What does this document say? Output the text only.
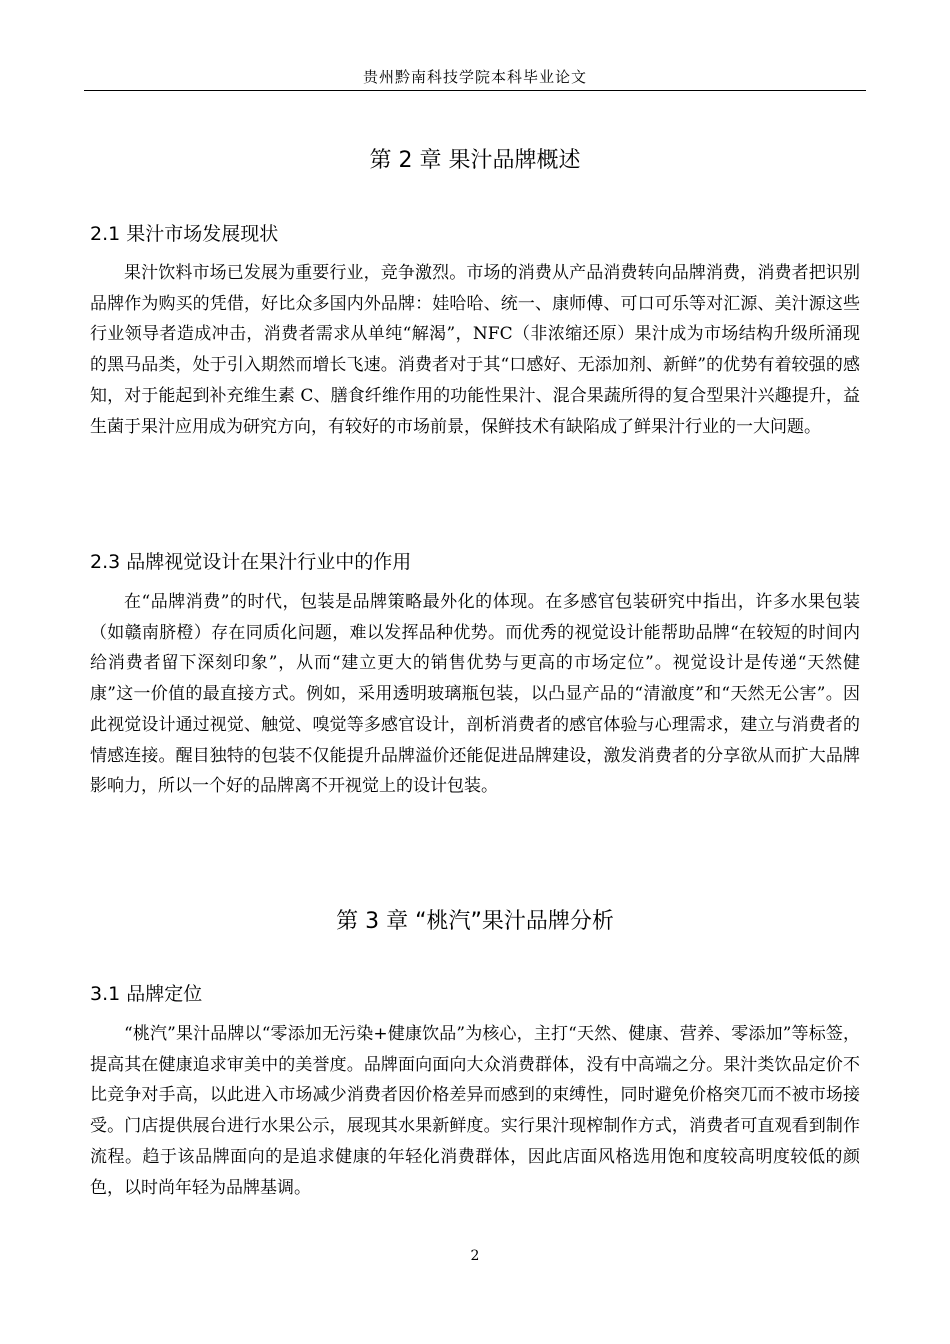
贵州黔南科技学院本科毕业论文
第 2 章 果汁品牌概述
2.1 果汁市场发展现状

果汁饮料市场已发展为重要行业，竞争激烈。市场的消费从产品消费转向品牌消费，消费者把识别品牌作为购买的凭借，好比众多国内外品牌：娃哈哈、统一、康师傅、可口可乐等对汇源、美汁源这些行业领导者造成冲击，消费者需求从单纯“解渴”，NFC（非浓缩还原）果汁成为市场结构升级所涌现的黑马品类，处于引入期然而增长飞速。消费者对于其“口感好、无添加剂、新鲜”的优势有着较强的感知，对于能起到补充维生素 C、膳食纤维作用的功能性果汁、混合果蔬所得的复合型果汁兴趣提升，益生菌于果汁应用成为研究方向，有较好的市场前景，保鲜技术有缺陷成了鲜果汁行业的一大问题。

2.3 品牌视觉设计在果汁行业中的作用

在“品牌消费”的时代，包装是品牌策略最外化的体现。在多感官包装研究中指出，许多水果包装（如赣南脐橙）存在同质化问题，难以发挥品种优势。而优秀的视觉设计能帮助品牌“在较短的时间内给消费者留下深刻印象”，从而“建立更大的销售优势与更高的市场定位”。视觉设计是传递“天然健康”这一价值的最直接方式。例如，采用透明玻璃瓶包装，以凸显产品的“清澈度”和“天然无公害”。因此视觉设计通过视觉、触觉、嗅觉等多感官设计，剖析消费者的感官体验与心理需求，建立与消费者的情感连接。醒目独特的包装不仅能提升品牌溢价还能促进品牌建设，激发消费者的分享欲从而扩大品牌影响力，所以一个好的品牌离不开视觉上的设计包装。

第 3 章 “桃汽”果汁品牌分析
3.1 品牌定位

“桃汽”果汁品牌以“零添加无污染+健康饮品”为核心，主打“天然、健康、营养、零添加”等标签，提高其在健康追求审美中的美誉度。品牌面向面向大众消费群体，没有中高端之分。果汁类饮品定价不比竞争对手高，以此进入市场减少消费者因价格差异而感到的束缚性，同时避免价格突兀而不被市场接受。门店提供展台进行水果公示，展现其水果新鲜度。实行果汁现榨制作方式，消费者可直观看到制作流程。趋于该品牌面向的是追求健康的年轻化消费群体，因此店面风格选用饱和度较高明度较低的颜色，以时尚年轻为品牌基调。

2
